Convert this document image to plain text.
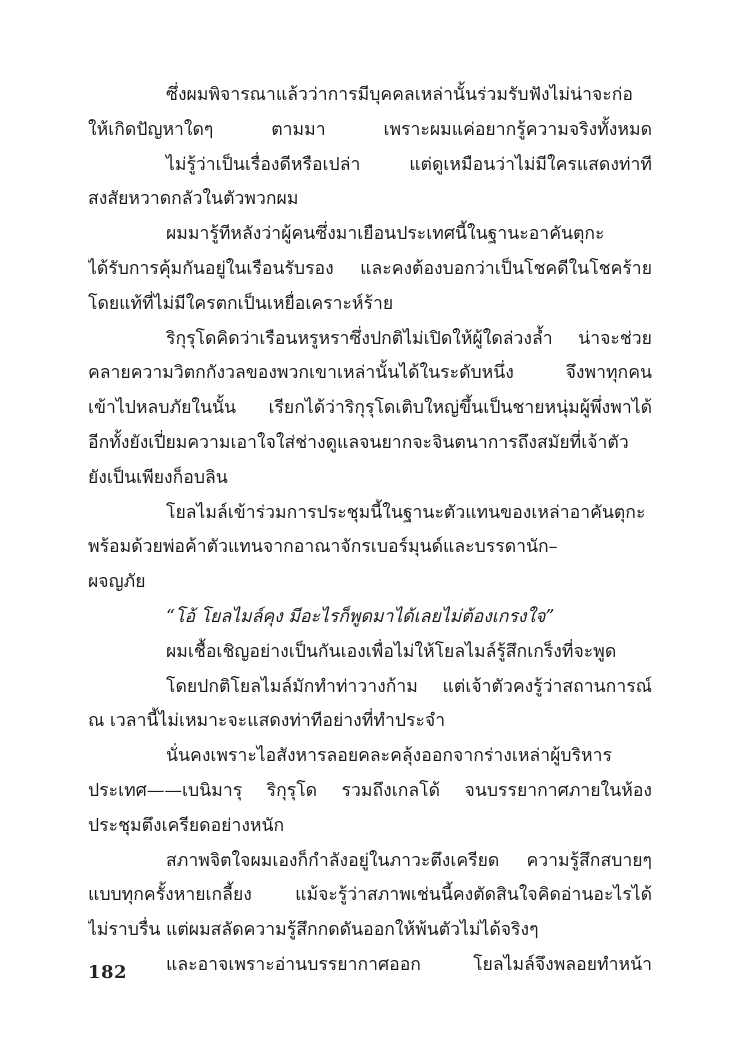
ซึ่งผมพิจารณาแล้วว่าการมีบุคคลเหล่านั้นร่วมรับฟังไม่น่าจะก่อ
ให้เกิดปัญหาใดๆ ตามมา เพราะผมแค่อยากรู้ความจริงทั้งหมด
ไม่รู้ว่าเป็นเรื่องดีหรือเปล่า แต่ดูเหมือนว่าไม่มีใครแสดงท่าที
สงสัยหวาดกลัวในตัวพวกผม
ผมมารู้ทีหลังว่าผู้คนซึ่งมาเยือนประเทศนี้ในฐานะอาคันตุกะ
ได้รับการคุ้มกันอยู่ในเรือนรับรอง และคงต้องบอกว่าเป็นโชคดีในโชคร้าย
โดยแท้ที่ไม่มีใครตกเป็นเหยื่อเคราะห์ร้าย
ริกุรุโดคิดว่าเรือนหรูหราซึ่งปกติไม่เปิดให้ผู้ใดล่วงล้ำ น่าจะช่วย
คลายความวิตกกังวลของพวกเขาเหล่านั้นได้ในระดับหนึ่ง จึงพาทุกคน
เข้าไปหลบภัยในนั้น เรียกได้ว่าริกุรุโดเติบใหญ่ขึ้นเป็นชายหนุ่มผู้พึ่งพาได้
อีกทั้งยังเปี่ยมความเอาใจใส่ช่างดูแลจนยากจะจินตนาการถึงสมัยที่เจ้าตัว
ยังเป็นเพียงก็อบลิน
โยลไมล์เข้าร่วมการประชุมนี้ในฐานะตัวแทนของเหล่าอาคันตุกะ
พร้อมด้วยพ่อค้าตัวแทนจากอาณาจักรเบอร์มุนด์และบรรดานัก–
ผจญภัย
“โอ้ โยลไมล์คุง มีอะไรก็พูดมาได้เลยไม่ต้องเกรงใจ”
ผมเชื้อเชิญอย่างเป็นกันเองเพื่อไม่ให้โยลไมล์รู้สึกเกร็งที่จะพูด
โดยปกติโยลไมล์มักทำท่าวางก้าม แต่เจ้าตัวคงรู้ว่าสถานการณ์
ณ เวลานี้ไม่เหมาะจะแสดงท่าทีอย่างที่ทำประจำ
นั่นคงเพราะไอสังหารลอยคละคลุ้งออกจากร่างเหล่าผู้บริหาร
ประเทศ——เบนิมารุ ริกุรุโด รวมถึงเกลโด้ จนบรรยากาศภายในห้อง
ประชุมตึงเครียดอย่างหนัก
สภาพจิตใจผมเองก็กำลังอยู่ในภาวะตึงเครียด ความรู้สึกสบายๆ
แบบทุกครั้งหายเกลี้ยง แม้จะรู้ว่าสภาพเช่นนี้คงตัดสินใจคิดอ่านอะไรได้
ไม่ราบรื่น แต่ผมสลัดความรู้สึกกดดันออกให้พ้นตัวไม่ได้จริงๆ
และอาจเพราะอ่านบรรยากาศออก โยลไมล์จึงพลอยทำหน้า
182
